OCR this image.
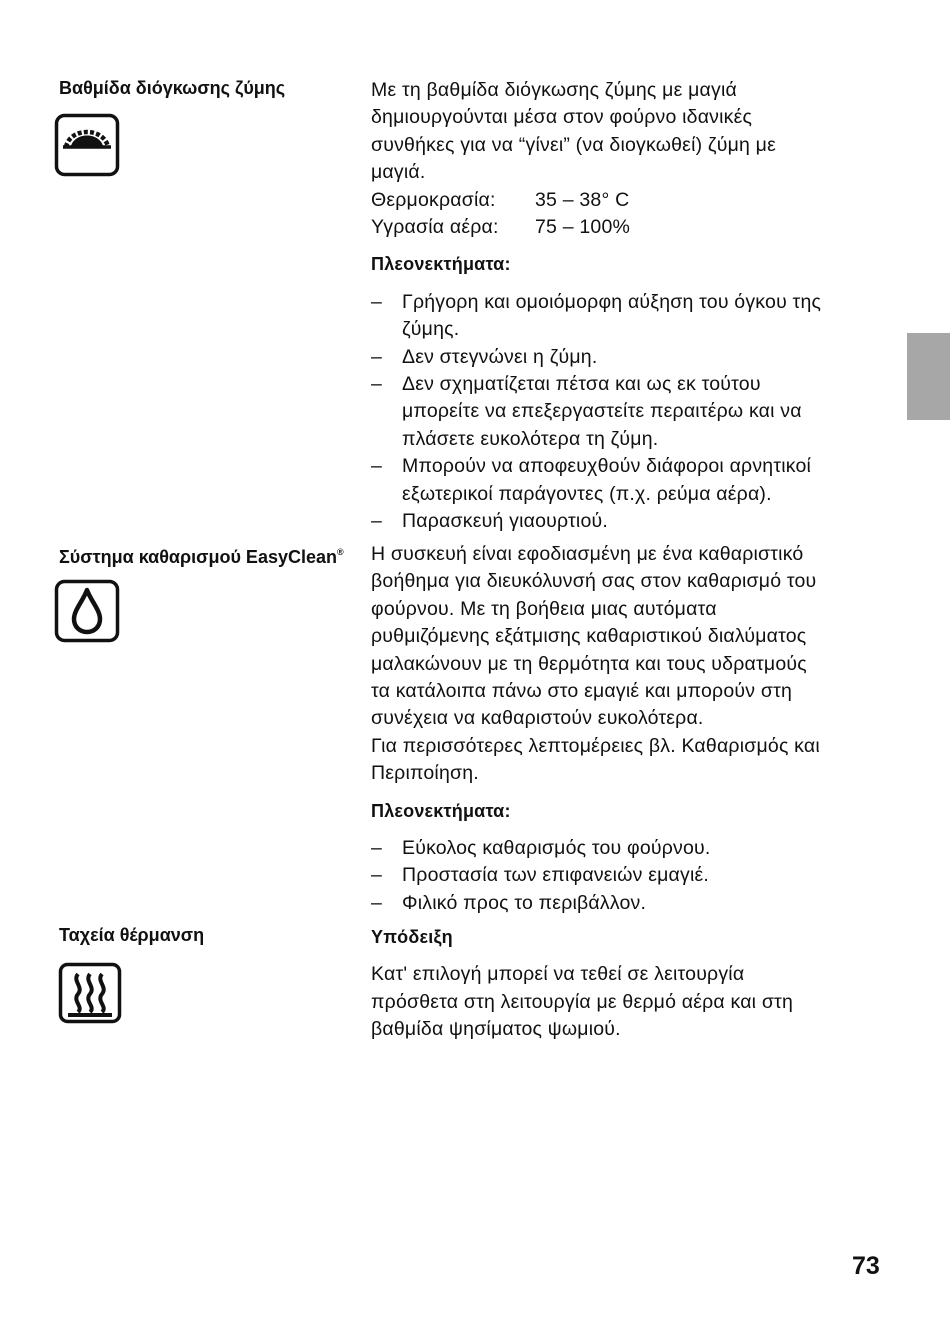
Βαθμίδα διόγκωσης ζύμης	Με τη βαθμίδα διόγκωσης ζύμης με μαγιά

δημιουργούνται μέσα στον φούρνο ιδανικές

συνθήκες για να “γίνει” (να διογκωθεί) ζύμη με

μαγιά.

Θερμοκρασία:	35 – 38° C
Υγρασία αέρα:	75 – 100%
Πλεονεκτήματα:
– Γρήγορη και ομοιόμορφη αύξηση του όγκου της
ζύμης.
– Δεν στεγνώνει η ζύμη.
– Δεν σχηματίζεται πέτσα και ως εκ τούτου
μπορείτε να επεξεργαστείτε περαιτέρω και να
πλάσετε ευκολότερα τη ζύμη.
– Μπορούν να αποφευχθούν διάφοροι αρνητικοί
εξωτερικοί παράγοντες (π.χ. ρεύμα αέρα).
– Παρασκευή γιαουρτιού.
Σύστημα καθαρισμού EasyClean® Η συσκευή είναι εφοδιασμένη με ένα καθαριστικό

βοήθημα για διευκόλυνσή σας στον καθαρισμό του

φούρνου. Με τη βοήθεια μιας αυτόματα

ρυθμιζόμενης εξάτμισης καθαριστικού διαλύματος

μαλακώνουν με τη θερμότητα και τους υδρατμούς

τα κατάλοιπα πάνω στο εμαγιέ και μπορούν στη

συνέχεια να καθαριστούν ευκολότερα.

Για περισσότερες λεπτομέρειες βλ. Καθαρισμός και

Περιποίηση.

Πλεονεκτήματα:
– Εύκολος καθαρισμός του φούρνου.
– Προστασία των επιφανειών εμαγιέ.
– Φιλικό προς το περιβάλλον.
Ταχεία θέρμανση	Υπόδειξη

Κατ' επιλογή μπορεί να τεθεί σε λειτουργία

πρόσθετα στη λειτουργία με θερμό αέρα και στη

βαθμίδα ψησίματος ψωμιού.

73
